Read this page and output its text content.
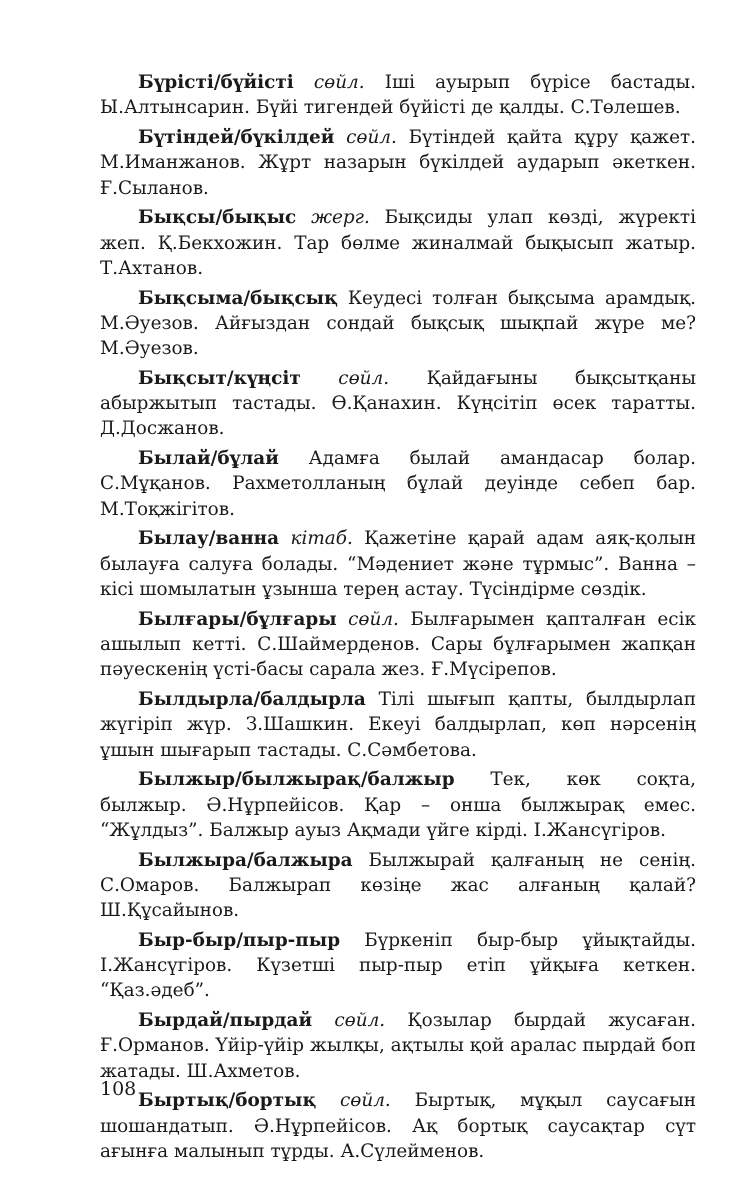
Бүрісті/бүйісті сөйл. Іші ауырып бүрісе бастады. Ы.Алтынсарин. Бүйі тигендей бүйісті де қалды. С.Төлешев.

Бүтіндей/бүкілдей сөйл. Бүтіндей қайта құру қажет. М.Иманжанов. Жұрт назарын бүкілдей аударып әкеткен. Ғ.Сыланов.

Бықсы/бықыс жерг. Бықсиды улап көзді, жүректі жеп. Қ.Бекхожин. Тар бөлме жиналмай бықысып жатыр. Т.Ахтанов.

Бықсыма/бықсық Кеудесі толған бықсыма арамдық. М.Әуезов. Айғыздан сондай бықсық шықпай жүре ме? М.Әуезов.

Бықсыт/күңсіт сөйл. Қайдағыны бықсытқаны абыржытып тастады. Ө.Қанахин. Күңсітіп өсек таратты. Д.Досжанов.

Былай/бұлай Адамға былай амандасар болар. С.Мұқанов. Рахметолланың бұлай деуінде себеп бар. М.Тоқжігітов.

Былау/ванна кітаб. Қажетіне қарай адам аяқ-қолын былауға салуға болады. “Мәдениет және тұрмыс”. Ванна – кісі шомылатын ұзынша терең астау. Түсіндірме сөздік.

Былғары/бұлғары сөйл. Былғарымен қапталған есік ашылып кетті. С.Шаймерденов. Сары бұлғарымен жапқан пәуескенің үсті-басы сарала жез. Ғ.Мүсірепов.

Былдырла/балдырла Тілі шығып қапты, былдырлап жүгіріп жүр. З.Шашкин. Екеуі балдырлап, көп нәрсенің ұшын шығарып тастады. С.Сәмбетова.

Былжыр/былжырақ/балжыр Тек, көк соқта, былжыр. Ә.Нұрпейісов. Қар – онша былжырақ емес. “Жұлдыз”. Балжыр ауыз Ақмади үйге кірді. І.Жансүгіров.

Былжыра/балжыра Былжырай қалғаның не сенің. С.Омаров. Балжырап көзіңе жас алғаның қалай? Ш.Құсайынов.

Быр-быр/пыр-пыр Бүркеніп быр-быр ұйықтайды. І.Жансүгіров. Күзетші пыр-пыр етіп ұйқыға кеткен. “Қаз.әдеб”.

Бырдай/пырдай сөйл. Қозылар бырдай жусаған. Ғ.Орманов. Үйір-үйір жылқы, ақтылы қой аралас пырдай боп жатады. Ш.Ахметов.

Быртық/бортық сөйл. Быртық, мұқыл саусағын шошандатып. Ә.Нұрпейісов. Ақ бортық саусақтар сүт ағынға малынып тұрды. А.Сүлейменов.

108
